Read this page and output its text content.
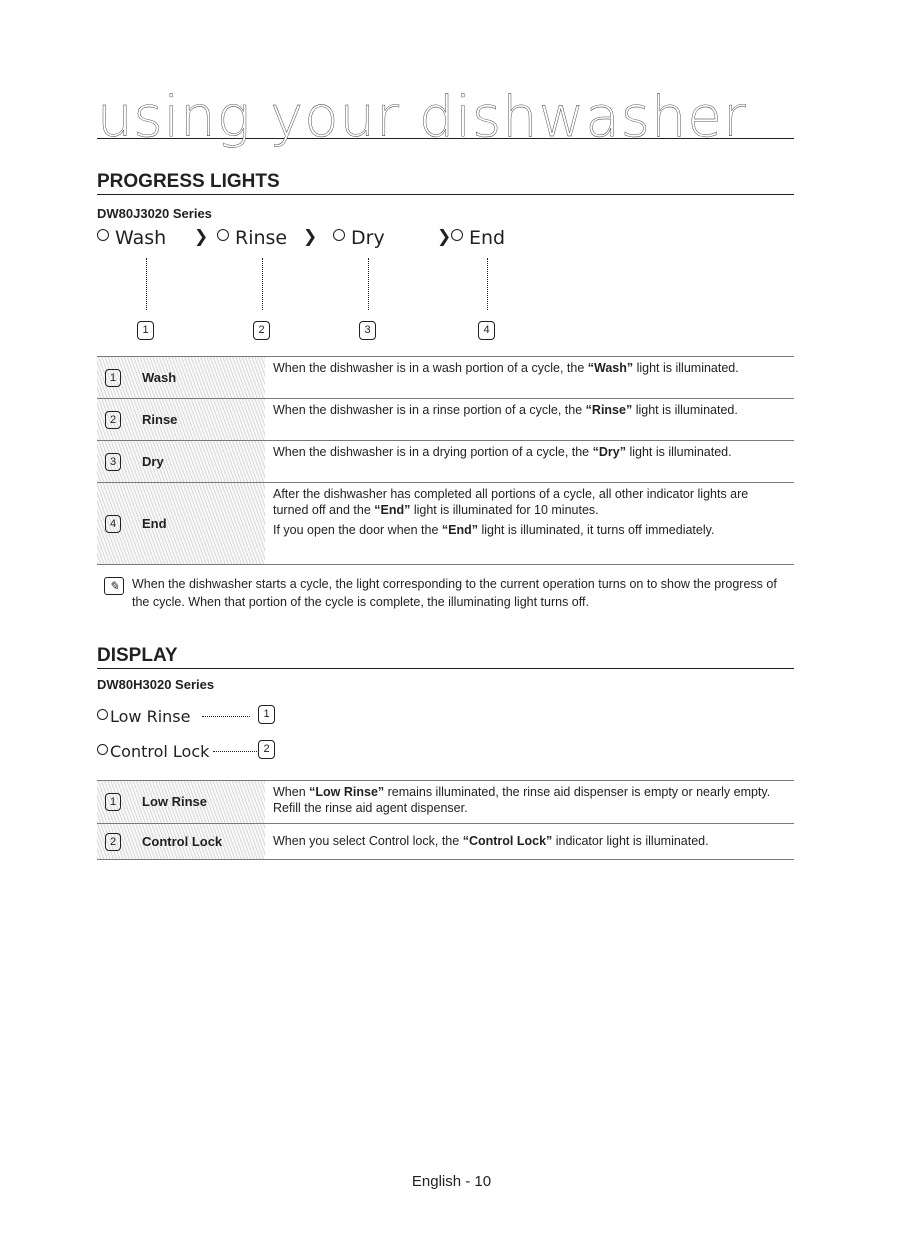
using your dishwasher
PROGRESS LIGHTS
DW80J3020 Series
Wash ❯	Rinse ❯	Dry	❯ End
1	2	3	4
1	Wash
When the dishwasher is in a wash portion of a cycle, the “Wash” light is illuminated.
2	Rinse
When the dishwasher is in a rinse portion of a cycle, the “Rinse” light is illuminated.
3	Dry
When the dishwasher is in a drying portion of a cycle, the “Dry” light is illuminated.
4	End

After the dishwasher has completed all portions of a cycle, all other indicator lights are turned off and the “End” light is illuminated for 10 minutes.

If you open the door when the “End” light is illuminated, it turns off immediately.

✎	When the dishwasher starts a cycle, the light corresponding to the current operation turns on to show the progress of the cycle. When that portion of the cycle is complete, the illuminating light turns off.
DISPLAY
DW80H3020 Series
Low Rinse	1
Control Lock	2
1	Low Rinse
When “Low Rinse” remains illuminated, the rinse aid dispenser is empty or nearly empty. Refill the rinse aid agent dispenser.
2	Control Lock	When you select Control lock, the “Control Lock” indicator light is illuminated.
English - 10
